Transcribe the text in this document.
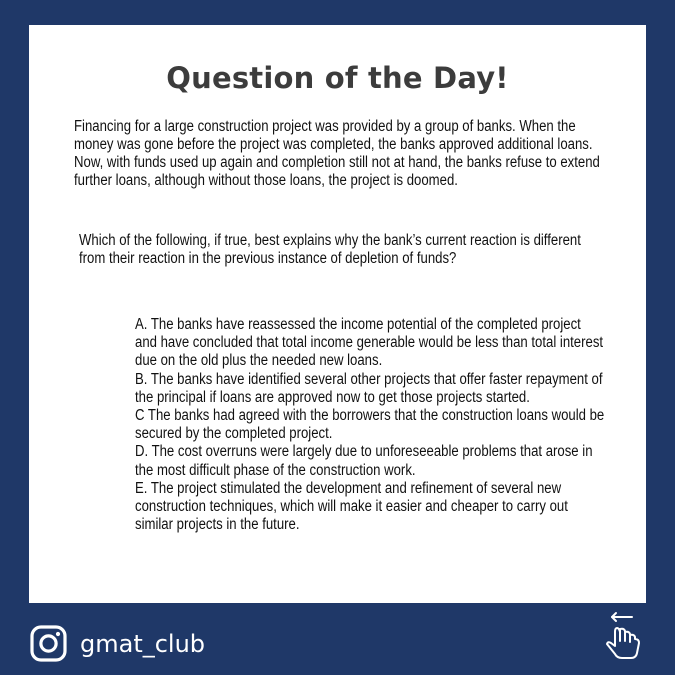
Question of the Day!

Financing for a large construction project was provided by a group of banks. When the money was gone before the project was completed, the banks approved additional loans. Now, with funds used up again and completion still not at hand, the banks refuse to extend further loans, although without those loans, the project is doomed.

Which of the following, if true, best explains why the bank’s current reaction is different from their reaction in the previous instance of depletion of funds?

A. The banks have reassessed the income potential of the completed project and have concluded that total income generable would be less than total interest due on the old plus the needed new loans.
B. The banks have identified several other projects that offer faster repayment of the principal if loans are approved now to get those projects started.
C The banks had agreed with the borrowers that the construction loans would be secured by the completed project.
D. The cost overruns were largely due to unforeseeable problems that arose in the most difficult phase of the construction work.
E. The project stimulated the development and refinement of several new construction techniques, which will make it easier and cheaper to carry out similar projects in the future.
gmat_club
